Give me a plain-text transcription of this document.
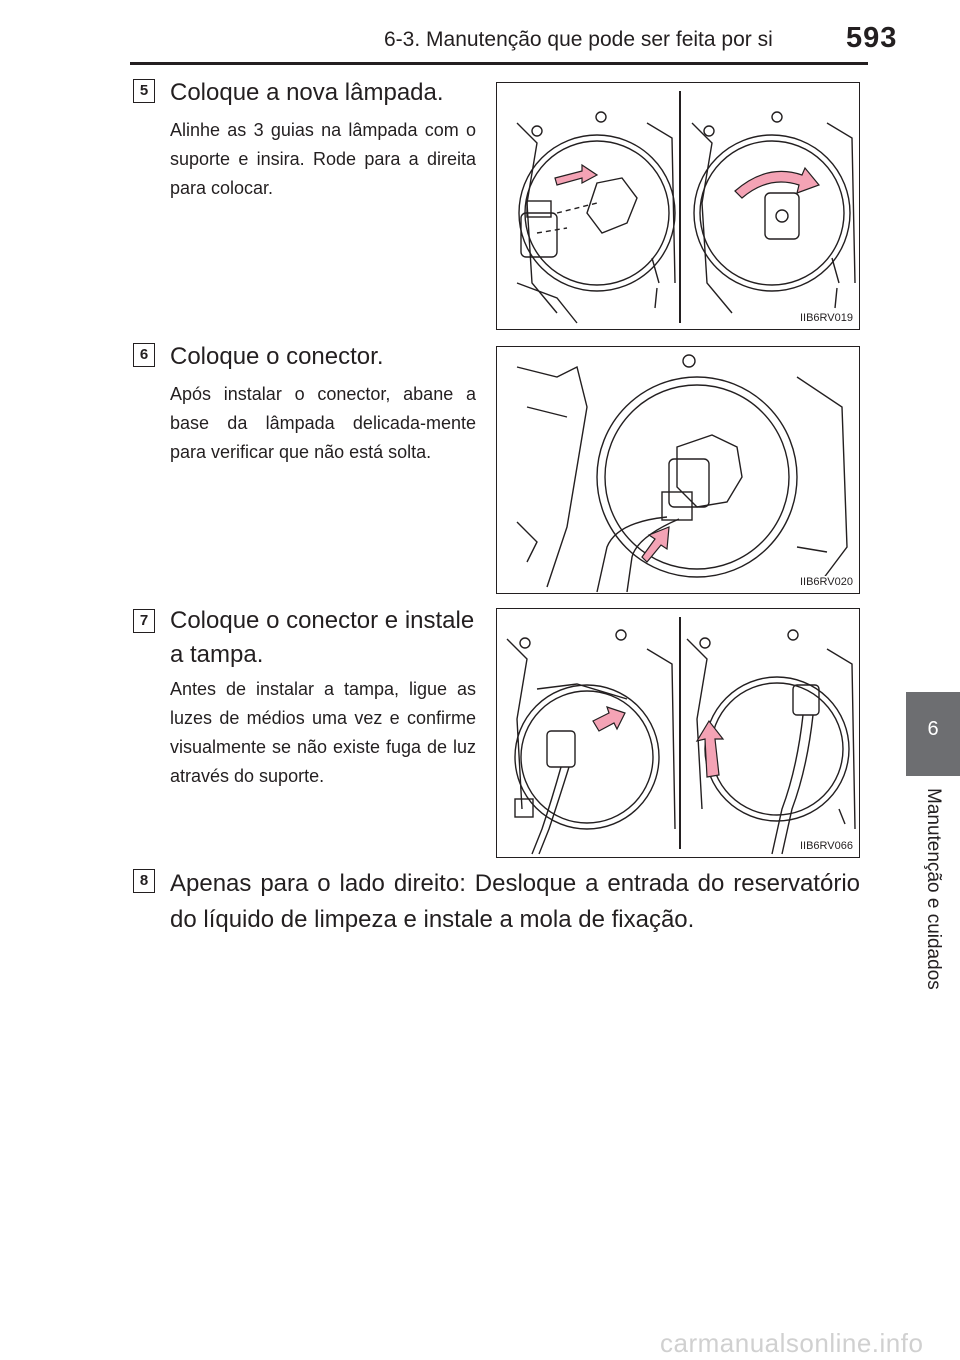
6-3. Manutenção que pode ser feita por si	593
6
Manutenção e cuidados
5 Coloque a nova lâmpada.
Alinhe as 3 guias na lâmpada com o suporte e insira. Rode para a direita para colocar.
IIB6RV019
6 Coloque o conector.
Após instalar o conector, abane a base da lâmpada delicada-mente para verificar que não está solta.
IIB6RV020
7 Coloque o conector e instale a tampa.
Antes de instalar a tampa, ligue as luzes de médios uma vez e confirme visualmente se não existe fuga de luz através do suporte.
IIB6RV066
8 Apenas para o lado direito: Desloque a entrada do reservatório do líquido de limpeza e instale a mola de fixação.
carmanualsonline.info
